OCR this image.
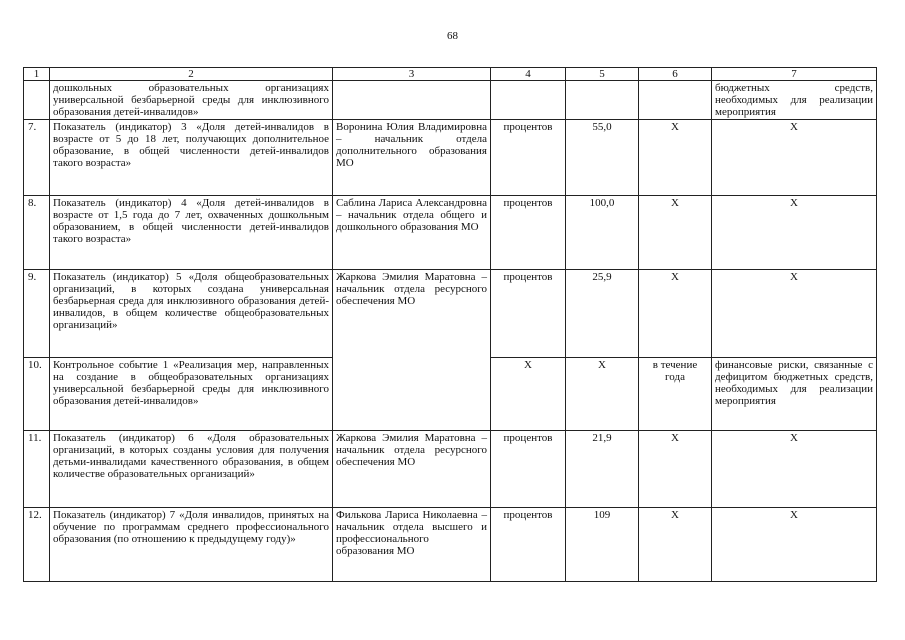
68
1	2	3	4	5	6	7
	дошкольных образовательных организациях универсальной безбарьерной среды для инклюзивного образования детей-инвалидов»					бюджетных средств, необходимых для реализации мероприятия
7.	Показатель (индикатор) 3 «Доля детей-инвалидов в возрасте от 5 до 18 лет, получающих дополнительное образование, в общей численности детей-инвалидов такого возраста»	Воронина Юлия Владимировна – начальник отдела дополнительного образования МО	процентов	55,0	Х	Х
8.	Показатель (индикатор) 4 «Доля детей-инвалидов в возрасте от 1,5 года до 7 лет, охваченных дошкольным образованием, в общей численности детей-инвалидов такого возраста»	Саблина Лариса Александровна – начальник отдела общего и дошкольного образования МО	процентов	100,0	Х	Х
9.	Показатель (индикатор) 5 «Доля общеобразовательных организаций, в которых создана универсальная безбарьерная среда для инклюзивного образования детей-инвалидов, в общем количестве общеобразовательных организаций»	Жаркова Эмилия Маратовна – начальник отдела ресурсного обеспечения МО	процентов	25,9	Х	Х
10.	Контрольное событие 1 «Реализация мер, направленных на создание в общеобразовательных организациях универсальной безбарьерной среды для инклюзивного образования детей-инвалидов»		Х	Х	в течение года	финансовые риски, связанные с дефицитом бюджетных средств, необходимых для реализации мероприятия
11.	Показатель (индикатор) 6 «Доля образовательных организаций, в которых созданы условия для получения детьми-инвалидами качественного образования, в общем количестве образовательных организаций»	Жаркова Эмилия Маратовна – начальник отдела ресурсного обеспечения МО	процентов	21,9	Х	Х
12.	Показатель (индикатор) 7 «Доля инвалидов, принятых на обучение по программам среднего профессионального образования (по отношению к предыдущему году)»	Филькова Лариса Николаевна – начальник отдела высшего и профессионального образования МО	процентов	109	Х	Х
